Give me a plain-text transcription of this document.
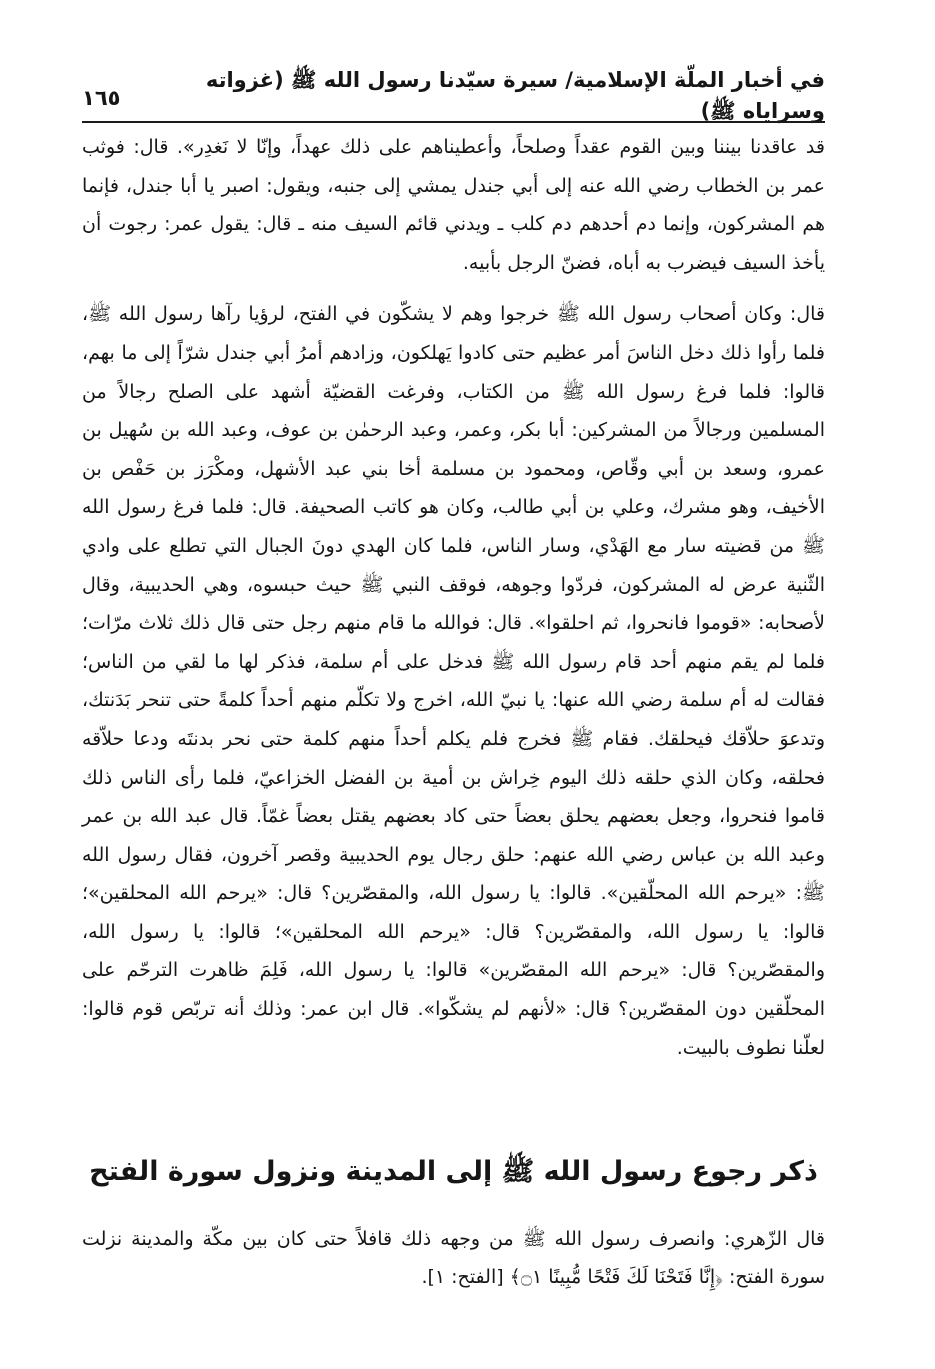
في أخبار الملّة الإسلامية/ سيرة سيّدنا رسول الله ﷺ (غزواته وسراياه ﷺ)
١٦٥

قد عاقدنا بيننا وبين القوم عقداً وصلحاً، وأعطيناهم على ذلك عهداً، وإنّا لا نَغدِر». قال: فوثب عمر بن الخطاب رضي الله عنه إلى أبي جندل يمشي إلى جنبه، ويقول: اصبر يا أبا جندل، فإنما هم المشركون، وإنما دم أحدهم دم كلب ـ ويدني قائم السيف منه ـ قال: يقول عمر: رجوت أن يأخذ السيف فيضرب به أباه، فضنّ الرجل بأبيه.

قال: وكان أصحاب رسول الله ﷺ خرجوا وهم لا يشكّون في الفتح، لرؤيا رآها رسول الله ﷺ، فلما رأوا ذلك دخل الناسَ أمر عظيم حتى كادوا يَهلكون، وزادهم أمرُ أبي جندل شرّاً إلى ما بهم، قالوا: فلما فرغ رسول الله ﷺ من الكتاب، وفرغت القضيّة أشهد على الصلح رجالاً من المسلمين ورجالاً من المشركين: أبا بكر، وعمر، وعبد الرحمٰن بن عوف، وعبد الله بن سُهيل بن عمرو، وسعد بن أبي وقّاص، ومحمود بن مسلمة أخا بني عبد الأشهل، ومكْرَز بن حَفْص بن الأخيف، وهو مشرك، وعلي بن أبي طالب، وكان هو كاتب الصحيفة. قال: فلما فرغ رسول الله ﷺ من قضيته سار مع الهَدْي، وسار الناس، فلما كان الهدي دونَ الجبال التي تطلع على وادي الثّنية عرض له المشركون، فردّوا وجوهه، فوقف النبي ﷺ حيث حبسوه، وهي الحديبية، وقال لأصحابه: «قوموا فانحروا، ثم احلقوا». قال: فوالله ما قام منهم رجل حتى قال ذلك ثلاث مرّات؛ فلما لم يقم منهم أحد قام رسول الله ﷺ فدخل على أم سلمة، فذكر لها ما لقي من الناس؛ فقالت له أم سلمة رضي الله عنها: يا نبيّ الله، اخرج ولا تكلّم منهم أحداً كلمةً حتى تنحر بَدَنتك، وتدعوَ حلاّقك فيحلقك. فقام ﷺ فخرج فلم يكلم أحداً منهم كلمة حتى نحر بدنتَه ودعا حلاّقه فحلقه، وكان الذي حلقه ذلك اليوم خِراش بن أمية بن الفضل الخزاعيّ، فلما رأى الناس ذلك قاموا فنحروا، وجعل بعضهم يحلق بعضاً حتى كاد بعضهم يقتل بعضاً غمّاً. قال عبد الله بن عمر وعبد الله بن عباس رضي الله عنهم: حلق رجال يوم الحديبية وقصر آخرون، فقال رسول الله ﷺ: «يرحم الله المحلّقين». قالوا: يا رسول الله، والمقصّرين؟ قال: «يرحم الله المحلقين»؛ قالوا: يا رسول الله، والمقصّرين؟ قال: «يرحم الله المحلقين»؛ قالوا: يا رسول الله، والمقصّرين؟ قال: «يرحم الله المقصّرين» قالوا: يا رسول الله، فَلِمَ ظاهرت الترحّم على المحلّقين دون المقصّرين؟ قال: «لأنهم لم يشكّوا». قال ابن عمر: وذلك أنه تربّص قوم قالوا: لعلّنا نطوف بالبيت.

ذكر رجوع رسول الله ﷺ إلى المدينة ونزول سورة الفتح

قال الزّهري: وانصرف رسول الله ﷺ من وجهه ذلك قافلاً حتى كان بين مكّة والمدينة نزلت سورة الفتح: ﴿إِنَّا فَتَحْنَا لَكَ فَتْحًا مُّبِينًا ۝١﴾ [الفتح: ١].
